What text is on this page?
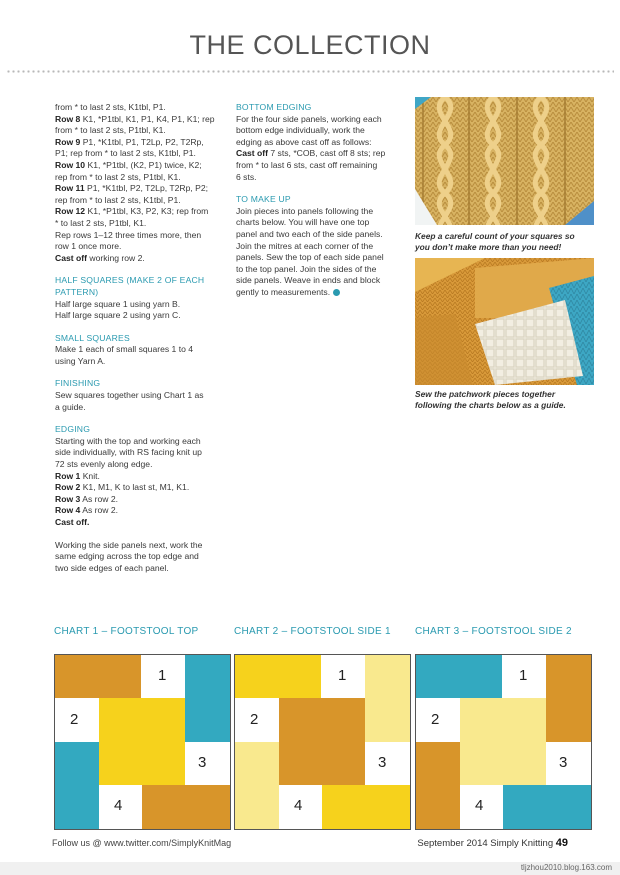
THE COLLECTION

from * to last 2 sts, K1tbl, P1.

Row 8 K1, *P1tbl, K1, P1, K4, P1, K1; rep

from * to last 2 sts, P1tbl, K1.

Row 9 P1, *K1tbl, P1, T2Lp, P2, T2Rp,

P1; rep from * to last 2 sts, K1tbl, P1.

Row 10 K1, *P1tbl, (K2, P1) twice, K2;

rep from * to last 2 sts, P1tbl, K1.

Row 11 P1, *K1tbl, P2, T2Lp, T2Rp, P2;

rep from * to last 2 sts, K1tbl, P1.

Row 12 K1, *P1tbl, K3, P2, K3; rep from

* to last 2 sts, P1tbl, K1.

Rep rows 1–12 three times more, then

row 1 once more.

Cast off working row 2.

HALF SQUARES (MAKE 2 OF EACH
PATTERN)

Half large square 1 using yarn B.

Half large square 2 using yarn C.

SMALL SQUARES

Make 1 each of small squares 1 to 4

using Yarn A.

FINISHING

Sew squares together using Chart 1 as

a guide.

EDGING

Starting with the top and working each

side individually, with RS facing knit up

72 sts evenly along edge.

Row 1 Knit.

Row 2 K1, M1, K to last st, M1, K1.

Row 3 As row 2.

Row 4 As row 2.

Cast off.

Working the side panels next, work the

same edging across the top edge and

two side edges of each panel.

BOTTOM EDGING

For the four side panels, working each

bottom edge individually, work the

edging as above cast off as follows:

Cast off 7 sts, *COB, cast off 8 sts; rep

from * to last 6 sts, cast off remaining

6 sts.

TO MAKE UP

Join pieces into panels following the

charts below. You will have one top

panel and two each of the side panels.

Join the mitres at each corner of the

panels. Sew the top of each side panel

to the top panel. Join the sides of the

side panels. Weave in ends and block

gently to measurements.

Keep a careful count of your squares so
you don’t make more than you need!
Sew the patchwork pieces together
following the charts below as a guide.
CHART 1 – FOOTSTOOL TOP	CHART 2 – FOOTSTOOL SIDE 1 CHART 3 – FOOTSTOOL SIDE 2
1
2
3
4
1
2
3
4
1
2
3
4
Follow us @ www.twitter.com/SimplyKnitMag	September 2014 Simply Knitting 49
tljzhou2010.blog.163.com
